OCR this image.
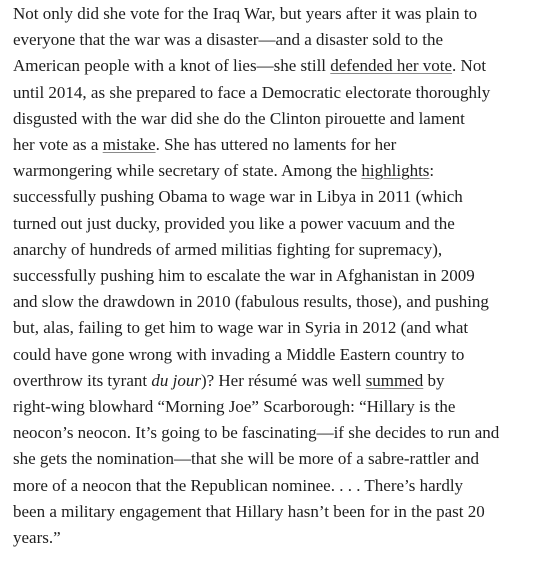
Not only did she vote for the Iraq War, but years after it was plain to
everyone that the war was a disaster—and a disaster sold to the
American people with a knot of lies—she still defended her vote. Not
until 2014, as she prepared to face a Democratic electorate thoroughly
disgusted with the war did she do the Clinton pirouette and lament
her vote as a mistake. She has uttered no laments for her
warmongering while secretary of state. Among the highlights:
successfully pushing Obama to wage war in Libya in 2011 (which
turned out just ducky, provided you like a power vacuum and the
anarchy of hundreds of armed militias fighting for supremacy),
successfully pushing him to escalate the war in Afghanistan in 2009
and slow the drawdown in 2010 (fabulous results, those), and pushing
but, alas, failing to get him to wage war in Syria in 2012 (and what
could have gone wrong with invading a Middle Eastern country to
overthrow its tyrant du jour)? Her résumé was well summed by
right-wing blowhard “Morning Joe” Scarborough: “Hillary is the
neocon’s neocon. It’s going to be fascinating—if she decides to run and
she gets the nomination—that she will be more of a sabre-rattler and
more of a neocon that the Republican nominee. . . . There’s hardly
been a military engagement that Hillary hasn’t been for in the past 20
years.”
